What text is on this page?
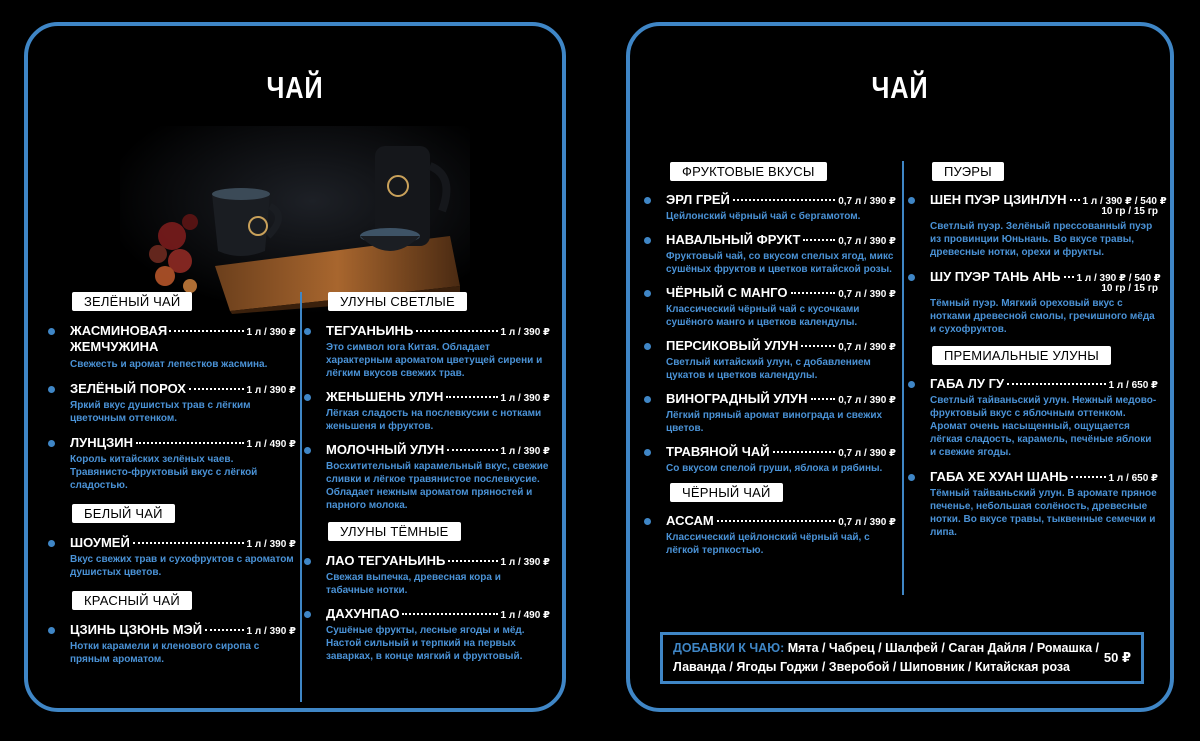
ЧАЙ
ЗЕЛЁНЫЙ ЧАЙ
ЖАСМИНОВАЯ ЖЕМЧУЖИНА
1 л / 390 ₽
Свежесть и аромат лепестков жасмина.
ЗЕЛЁНЫЙ ПОРОХ	1 л / 390 ₽
Яркий вкус душистых трав с лёгким цветочным оттенком.
ЛУНЦЗИН	1 л / 490 ₽
Король китайских зелёных чаев. Травянисто-фруктовый вкус с лёгкой сладостью.
БЕЛЫЙ ЧАЙ
ШОУМЕЙ	1 л / 390 ₽
Вкус свежих трав и сухофруктов с ароматом душистых цветов.
КРАСНЫЙ ЧАЙ
ЦЗИНЬ ЦЗЮНЬ МЭЙ	1 л / 390 ₽
Нотки карамели и кленового сиропа с пряным ароматом.
УЛУНЫ СВЕТЛЫЕ
ТЕГУАНЬИНЬ	1 л / 390 ₽
Это символ юга Китая. Обладает характерным ароматом цветущей сирени и лёгким вкусов свежих трав.
ЖЕНЬШЕНЬ УЛУН	1 л / 390 ₽
Лёгкая сладость на послевкусии с нотками женьшеня и фруктов.
МОЛОЧНЫЙ УЛУН	1 л / 390 ₽
Восхитительный карамельный вкус, свежие сливки и лёгкое травянистое послевкусие. Обладает нежным ароматом пряностей и парного молока.
УЛУНЫ ТЁМНЫЕ
ЛАО ТЕГУАНЬИНЬ	1 л / 390 ₽
Свежая выпечка, древесная кора и табачные нотки.
ДАХУНПАО	1 л / 490 ₽
Сушёные фрукты, лесные ягоды и мёд. Настой сильный и терпкий на первых заварках, в конце мягкий и фруктовый.
ЧАЙ
ФРУКТОВЫЕ ВКУСЫ
ЭРЛ ГРЕЙ	0,7 л / 390 ₽
Цейлонский чёрный чай с бергамотом.
НАВАЛЬНЫЙ ФРУКТ	0,7 л / 390 ₽
Фруктовый чай, со вкусом спелых ягод, микс сушёных фруктов и цветков китайской розы.
ЧЁРНЫЙ С МАНГО	0,7 л / 390 ₽
Классический чёрный чай с кусочками сушёного манго и цветков календулы.
ПЕРСИКОВЫЙ УЛУН	0,7 л / 390 ₽
Светлый китайский улун, с добавлением цукатов и цветков календулы.
ВИНОГРАДНЫЙ УЛУН	0,7 л / 390 ₽
Лёгкий пряный аромат винограда и свежих цветов.
ТРАВЯНОЙ ЧАЙ	0,7 л / 390 ₽
Со вкусом спелой груши, яблока и рябины.
ЧЁРНЫЙ ЧАЙ
АССАМ	0,7 л / 390 ₽
Классический цейлонский чёрный чай, с лёгкой терпкостью.
ПУЭРЫ
ШЕН ПУЭР ЦЗИНЛУН 1 л / 390 ₽ / 540 ₽
10 гр / 15 гр
Светлый пуэр. Зелёный прессованный пуэр из провинции Юньнань. Во вкусе травы, древесные нотки, орехи и фрукты.
ШУ ПУЭР ТАНЬ АНЬ 1 л / 390 ₽ / 540 ₽
10 гр / 15 гр
Тёмный пуэр. Мягкий ореховый вкус с нотками древесной смолы, гречишного мёда и сухофруктов.
ПРЕМИАЛЬНЫЕ УЛУНЫ
ГАБА ЛУ ГУ	1 л / 650 ₽
Светлый тайваньский улун. Нежный медово-фруктовый вкус с яблочным оттенком. Аромат очень насыщенный, ощущается лёгкая сладость, карамель, печёные яблоки и свежие ягоды.
ГАБА ХЕ ХУАН ШАНЬ	1 л / 650 ₽
Тёмный тайваньский улун. В аромате пряное печенье, небольшая солёность, древесные нотки. Во вкусе травы, тыквенные семечки и липа.
ДОБАВКИ К ЧАЮ: Мята / Чабрец / Шалфей / Саган Дайля / Ромашка / Лаванда / Ягоды Годжи / Зверобой / Шиповник / Китайская роза
50 ₽
